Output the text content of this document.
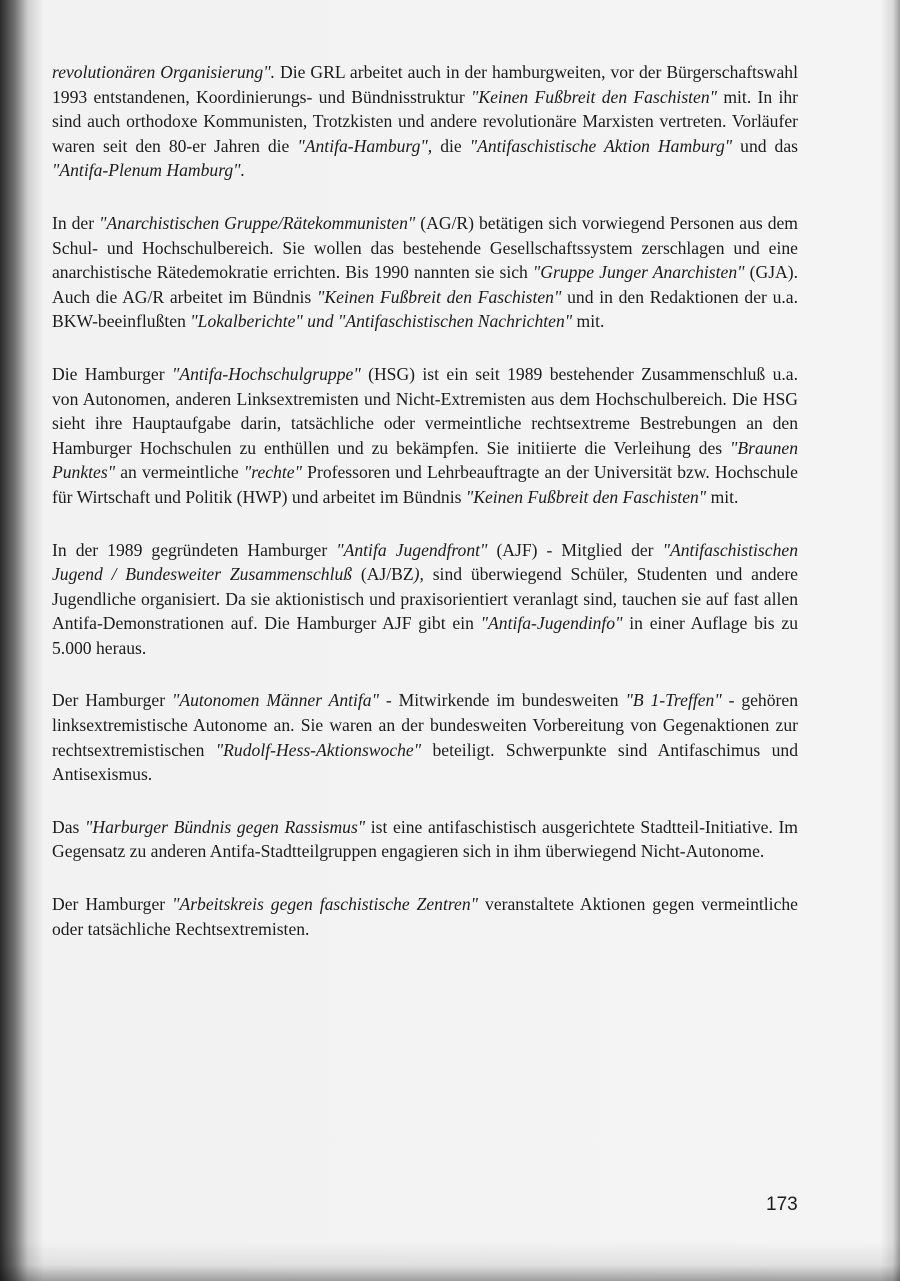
revolutionären Organisierung". Die GRL arbeitet auch in der hamburgweiten, vor der Bürgerschaftswahl 1993 entstandenen, Koordinierungs- und Bündnisstruktur "Keinen Fußbreit den Faschisten" mit. In ihr sind auch orthodoxe Kommunisten, Trotzkisten und andere revolutionäre Marxisten vertreten. Vorläufer waren seit den 80-er Jahren die "Antifa-Hamburg", die "Antifaschistische Aktion Hamburg" und das "Antifa-Plenum Hamburg".

In der "Anarchistischen Gruppe/Rätekommunisten" (AG/R) betätigen sich vorwiegend Personen aus dem Schul- und Hochschulbereich. Sie wollen das bestehende Gesellschaftssystem zerschlagen und eine anarchistische Rätedemokratie errichten. Bis 1990 nannten sie sich "Gruppe Junger Anarchisten" (GJA). Auch die AG/R arbeitet im Bündnis "Keinen Fußbreit den Faschisten" und in den Redaktionen der u.a. BKW-beeinflußten "Lokalberichte" und "Antifaschistischen Nachrichten" mit.

Die Hamburger "Antifa-Hochschulgruppe" (HSG) ist ein seit 1989 bestehender Zusammenschluß u.a. von Autonomen, anderen Linksextremisten und Nicht-Extremisten aus dem Hochschulbereich. Die HSG sieht ihre Hauptaufgabe darin, tatsächliche oder vermeintliche rechtsextreme Bestrebungen an den Hamburger Hochschulen zu enthüllen und zu bekämpfen. Sie initiierte die Verleihung des "Braunen Punktes" an vermeintliche "rechte" Professoren und Lehrbeauftragte an der Universität bzw. Hochschule für Wirtschaft und Politik (HWP) und arbeitet im Bündnis "Keinen Fußbreit den Faschisten" mit.

In der 1989 gegründeten Hamburger "Antifa Jugendfront" (AJF) - Mitglied der "Antifaschistischen Jugend / Bundesweiter Zusammenschluß (AJ/BZ), sind überwiegend Schüler, Studenten und andere Jugendliche organisiert. Da sie aktionistisch und praxisorientiert veranlagt sind, tauchen sie auf fast allen Antifa-Demonstrationen auf. Die Hamburger AJF gibt ein "Antifa-Jugendinfo" in einer Auflage bis zu 5.000 heraus.

Der Hamburger "Autonomen Männer Antifa" - Mitwirkende im bundesweiten "B 1-Treffen" - gehören linksextremistische Autonome an. Sie waren an der bundesweiten Vorbereitung von Gegenaktionen zur rechtsextremistischen "Rudolf-Hess-Aktionswoche" beteiligt. Schwerpunkte sind Antifaschimus und Antisexismus.

Das "Harburger Bündnis gegen Rassismus" ist eine antifaschistisch ausgerichtete Stadtteil-Initiative. Im Gegensatz zu anderen Antifa-Stadtteilgruppen engagieren sich in ihm überwiegend Nicht-Autonome.

Der Hamburger "Arbeitskreis gegen faschistische Zentren" veranstaltete Aktionen gegen vermeintliche oder tatsächliche Rechtsextremisten.

173
